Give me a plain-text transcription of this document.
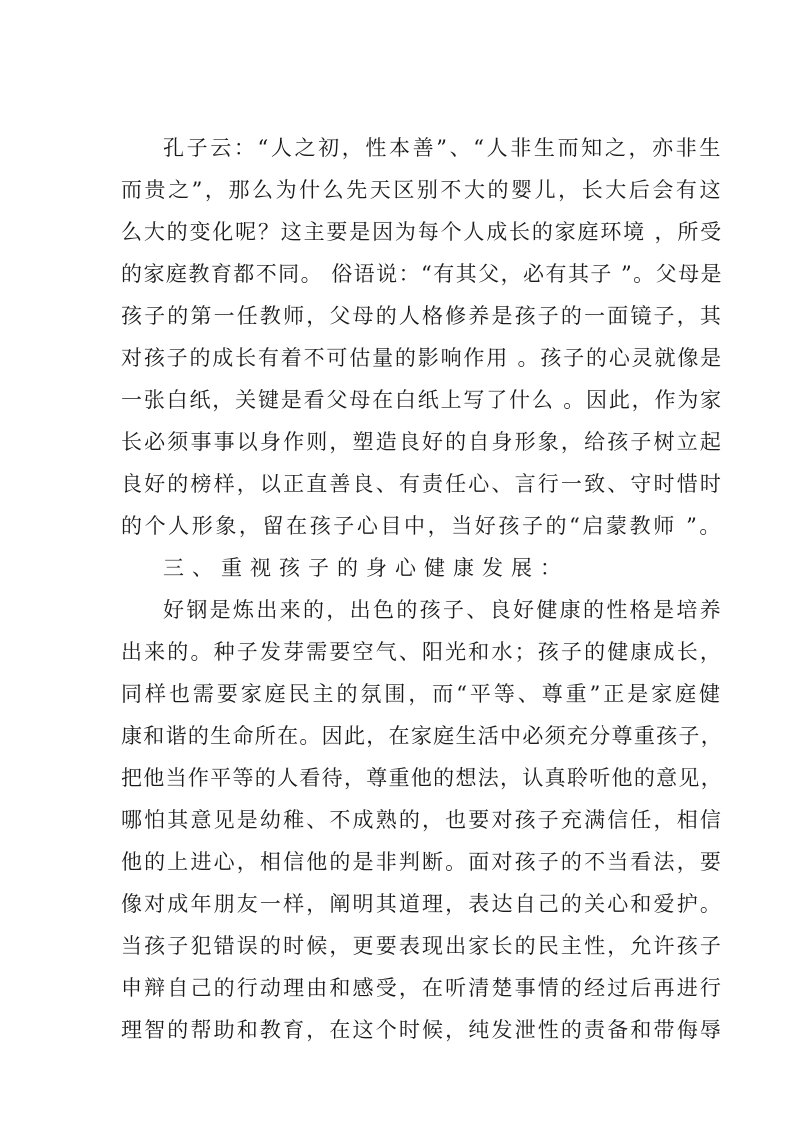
孔子云：“人之初，性本善”、“人非生而知之，亦非生
而贵之”，那么为什么先天区别不大的婴儿，长大后会有这
么大的变化呢？这主要是因为每个人成长的家庭环境 ，所受
的家庭教育都不同。 俗语说：“有其父，必有其子 ”。父母是
孩子的第一任教师，父母的人格修养是孩子的一面镜子，其
对孩子的成长有着不可估量的影响作用 。孩子的心灵就像是
一张白纸，关键是看父母在白纸上写了什么 。因此，作为家
长必须事事以身作则，塑造良好的自身形象，给孩子树立起
良好的榜样，以正直善良、有责任心、言行一致、守时惜时
的个人形象，留在孩子心目中，当好孩子的“启蒙教师 ”。
三、重视孩子的身心健康发展：
好钢是炼出来的，出色的孩子、良好健康的性格是培养
出来的。种子发芽需要空气、阳光和水；孩子的健康成长，
同样也需要家庭民主的氛围，而“平等、尊重”正是家庭健
康和谐的生命所在。因此，在家庭生活中必须充分尊重孩子，
把他当作平等的人看待，尊重他的想法，认真聆听他的意见，
哪怕其意见是幼稚、不成熟的，也要对孩子充满信任，相信
他的上进心，相信他的是非判断。面对孩子的不当看法，要
像对成年朋友一样，阐明其道理，表达自己的关心和爱护。
当孩子犯错误的时候，更要表现出家长的民主性，允许孩子
申辩自己的行动理由和感受，在听清楚事情的经过后再进行
理智的帮助和教育，在这个时候，纯发泄性的责备和带侮辱
